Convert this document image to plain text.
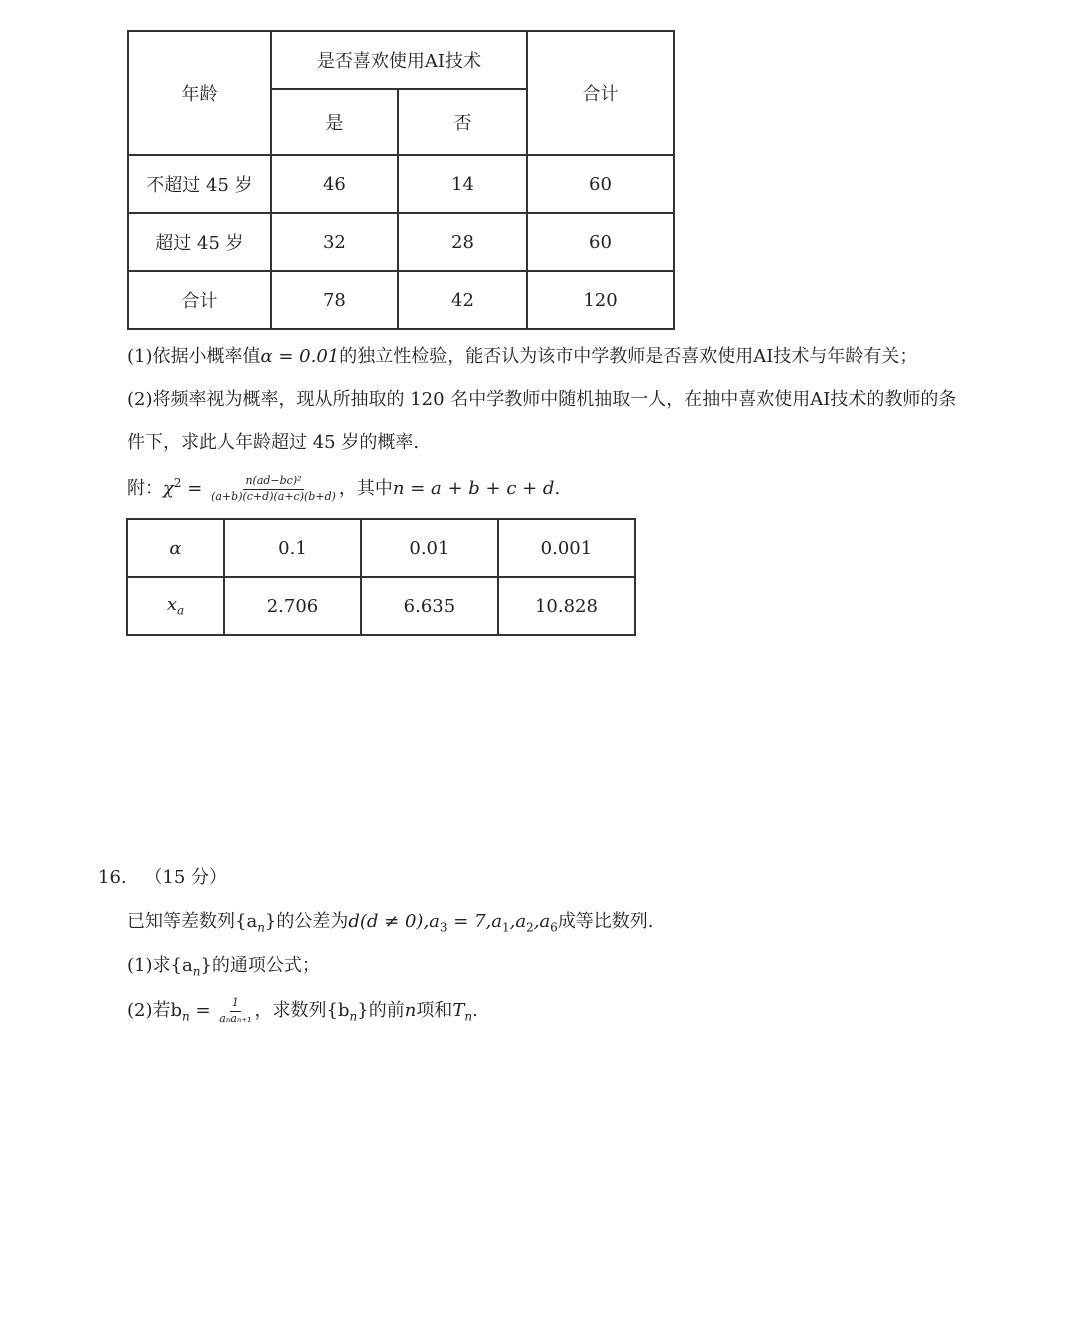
年龄	是否喜欢使用AI技术		合计
	是	否	
不超过 45 岁	46	14	60
超过 45 岁	32	28	60
合计	78	42	120
(1)依据小概率值α = 0.01的独立性检验，能否认为该市中学教师是否喜欢使用AI技术与年龄有关；
(2)将频率视为概率，现从所抽取的 120 名中学教师中随机抽取一人，在抽中喜欢使用AI技术的教师的条
件下，求此人年龄超过 45 岁的概率.
附：$\chi^2 = \frac{\text{n(ad−bc)²}}{(a+b)(c+d)(a+c)(b+d)}$ ，其中n = a + b + c + d.
α	0.1	0.01	0.001
$x_a$	2.706	6.635	10.828
16. （15 分）
已知等差数列$\{a_n\}$的公差为$d(d \ne 0),a_3 = 7,a_1,a_2,a_6$成等比数列.
(1)求$\{a_n\}$的通项公式；
(2)若$b_n = \frac{1}{\text{aₙaₙ₊₁}}$ ，求数列$\{b_n\}$的前n项和$T_n$.
